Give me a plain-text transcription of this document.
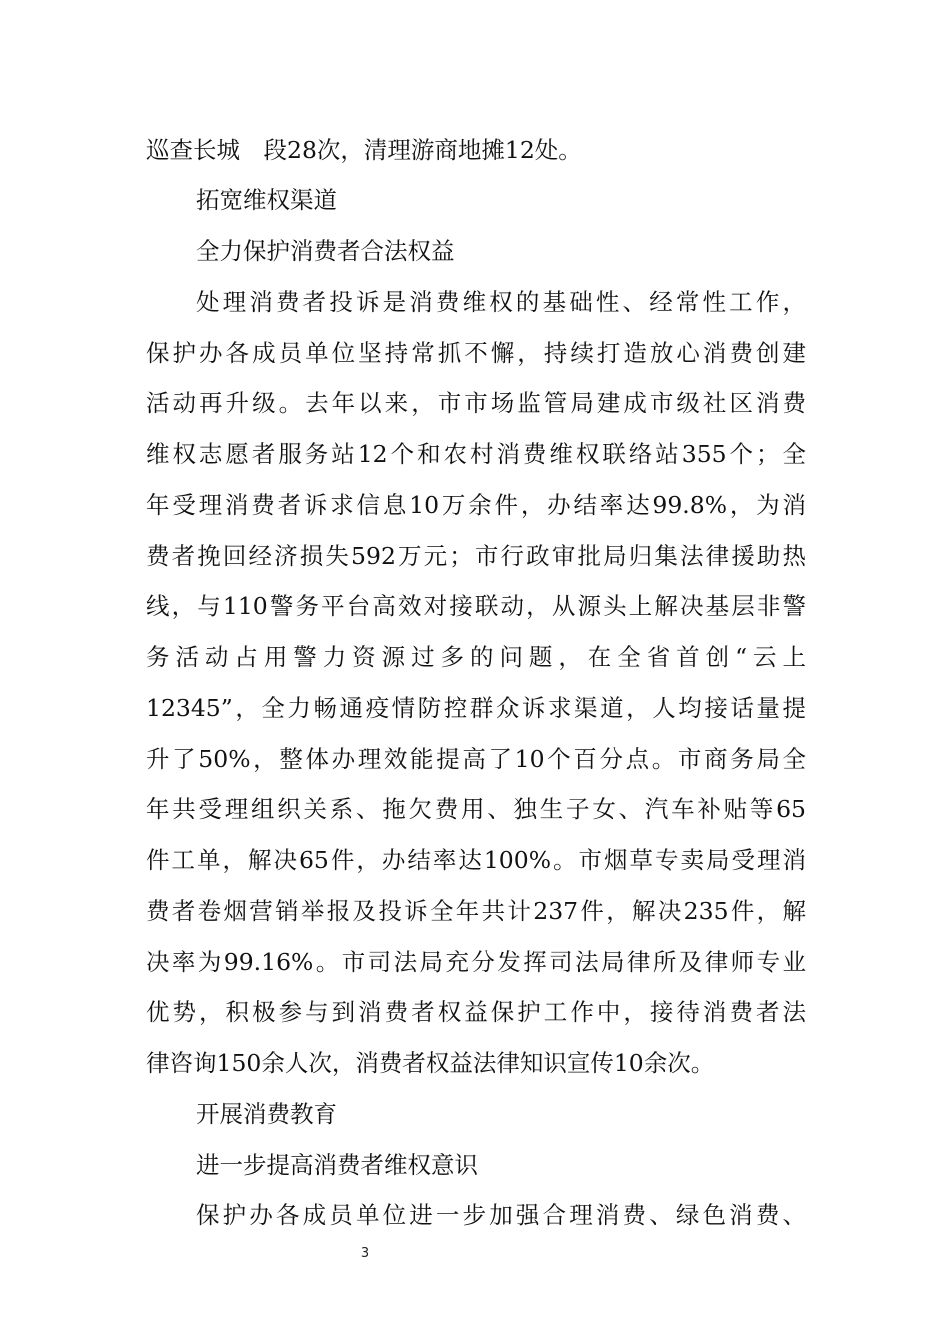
巡查长城　段28次，清理游商地摊12处。
拓宽维权渠道
全力保护消费者合法权益
处理消费者投诉是消费维权的基础性、经常性工作，
保护办各成员单位坚持常抓不懈，持续打造放心消费创建
活动再升级。去年以来，市市场监管局建成市级社区消费
维权志愿者服务站12个和农村消费维权联络站355个；全
年受理消费者诉求信息10万余件，办结率达99.8%，为消
费者挽回经济损失592万元；市行政审批局归集法律援助热
线，与110警务平台高效对接联动，从源头上解决基层非警
务活动占用警力资源过多的问题，在全省首创“云上
12345”，全力畅通疫情防控群众诉求渠道，人均接话量提
升了50%，整体办理效能提高了10个百分点。市商务局全
年共受理组织关系、拖欠费用、独生子女、汽车补贴等65
件工单，解决65件，办结率达100%。市烟草专卖局受理消
费者卷烟营销举报及投诉全年共计237件，解决235件，解
决率为99.16%。市司法局充分发挥司法局律所及律师专业
优势，积极参与到消费者权益保护工作中，接待消费者法
律咨询150余人次，消费者权益法律知识宣传10余次。
开展消费教育
进一步提高消费者维权意识
保护办各成员单位进一步加强合理消费、绿色消费、
3
